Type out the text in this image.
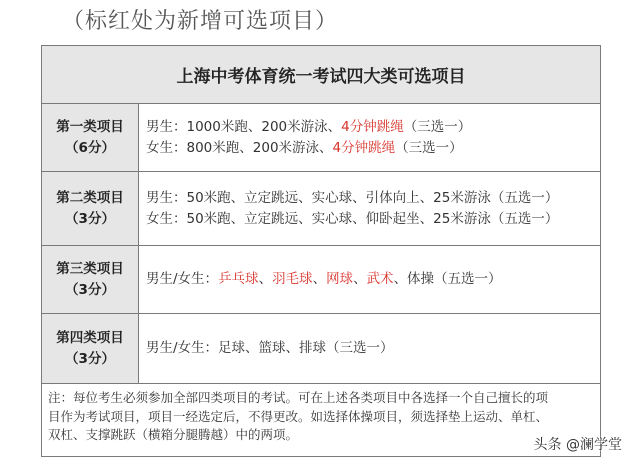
（标红处为新增可选项目）
上海中考体育统一考试四大类可选项目
第一类项目
（6分）
男生：1000米跑、200米游泳、4分钟跳绳（三选一）
女生：800米跑、200米游泳、4分钟跳绳（三选一）
第二类项目
（3分）
男生：50米跑、立定跳远、实心球、引体向上、25米游泳（五选一）
女生：50米跑、立定跳远、实心球、仰卧起坐、25米游泳（五选一）
第三类项目
（3分）
男生/女生：乒乓球、羽毛球、网球、武术、体操（五选一）
第四类项目
（3分）
男生/女生：足球、篮球、排球（三选一）
注：每位考生必须参加全部四类项目的考试。可在上述各类项目中各选择一个自己擅长的项
目作为考试项目，项目一经选定后，不得更改。如选择体操项目，须选择垫上运动、单杠、
双杠、支撑跳跃（横箱分腿腾越）中的两项。
头条 @澜学堂
